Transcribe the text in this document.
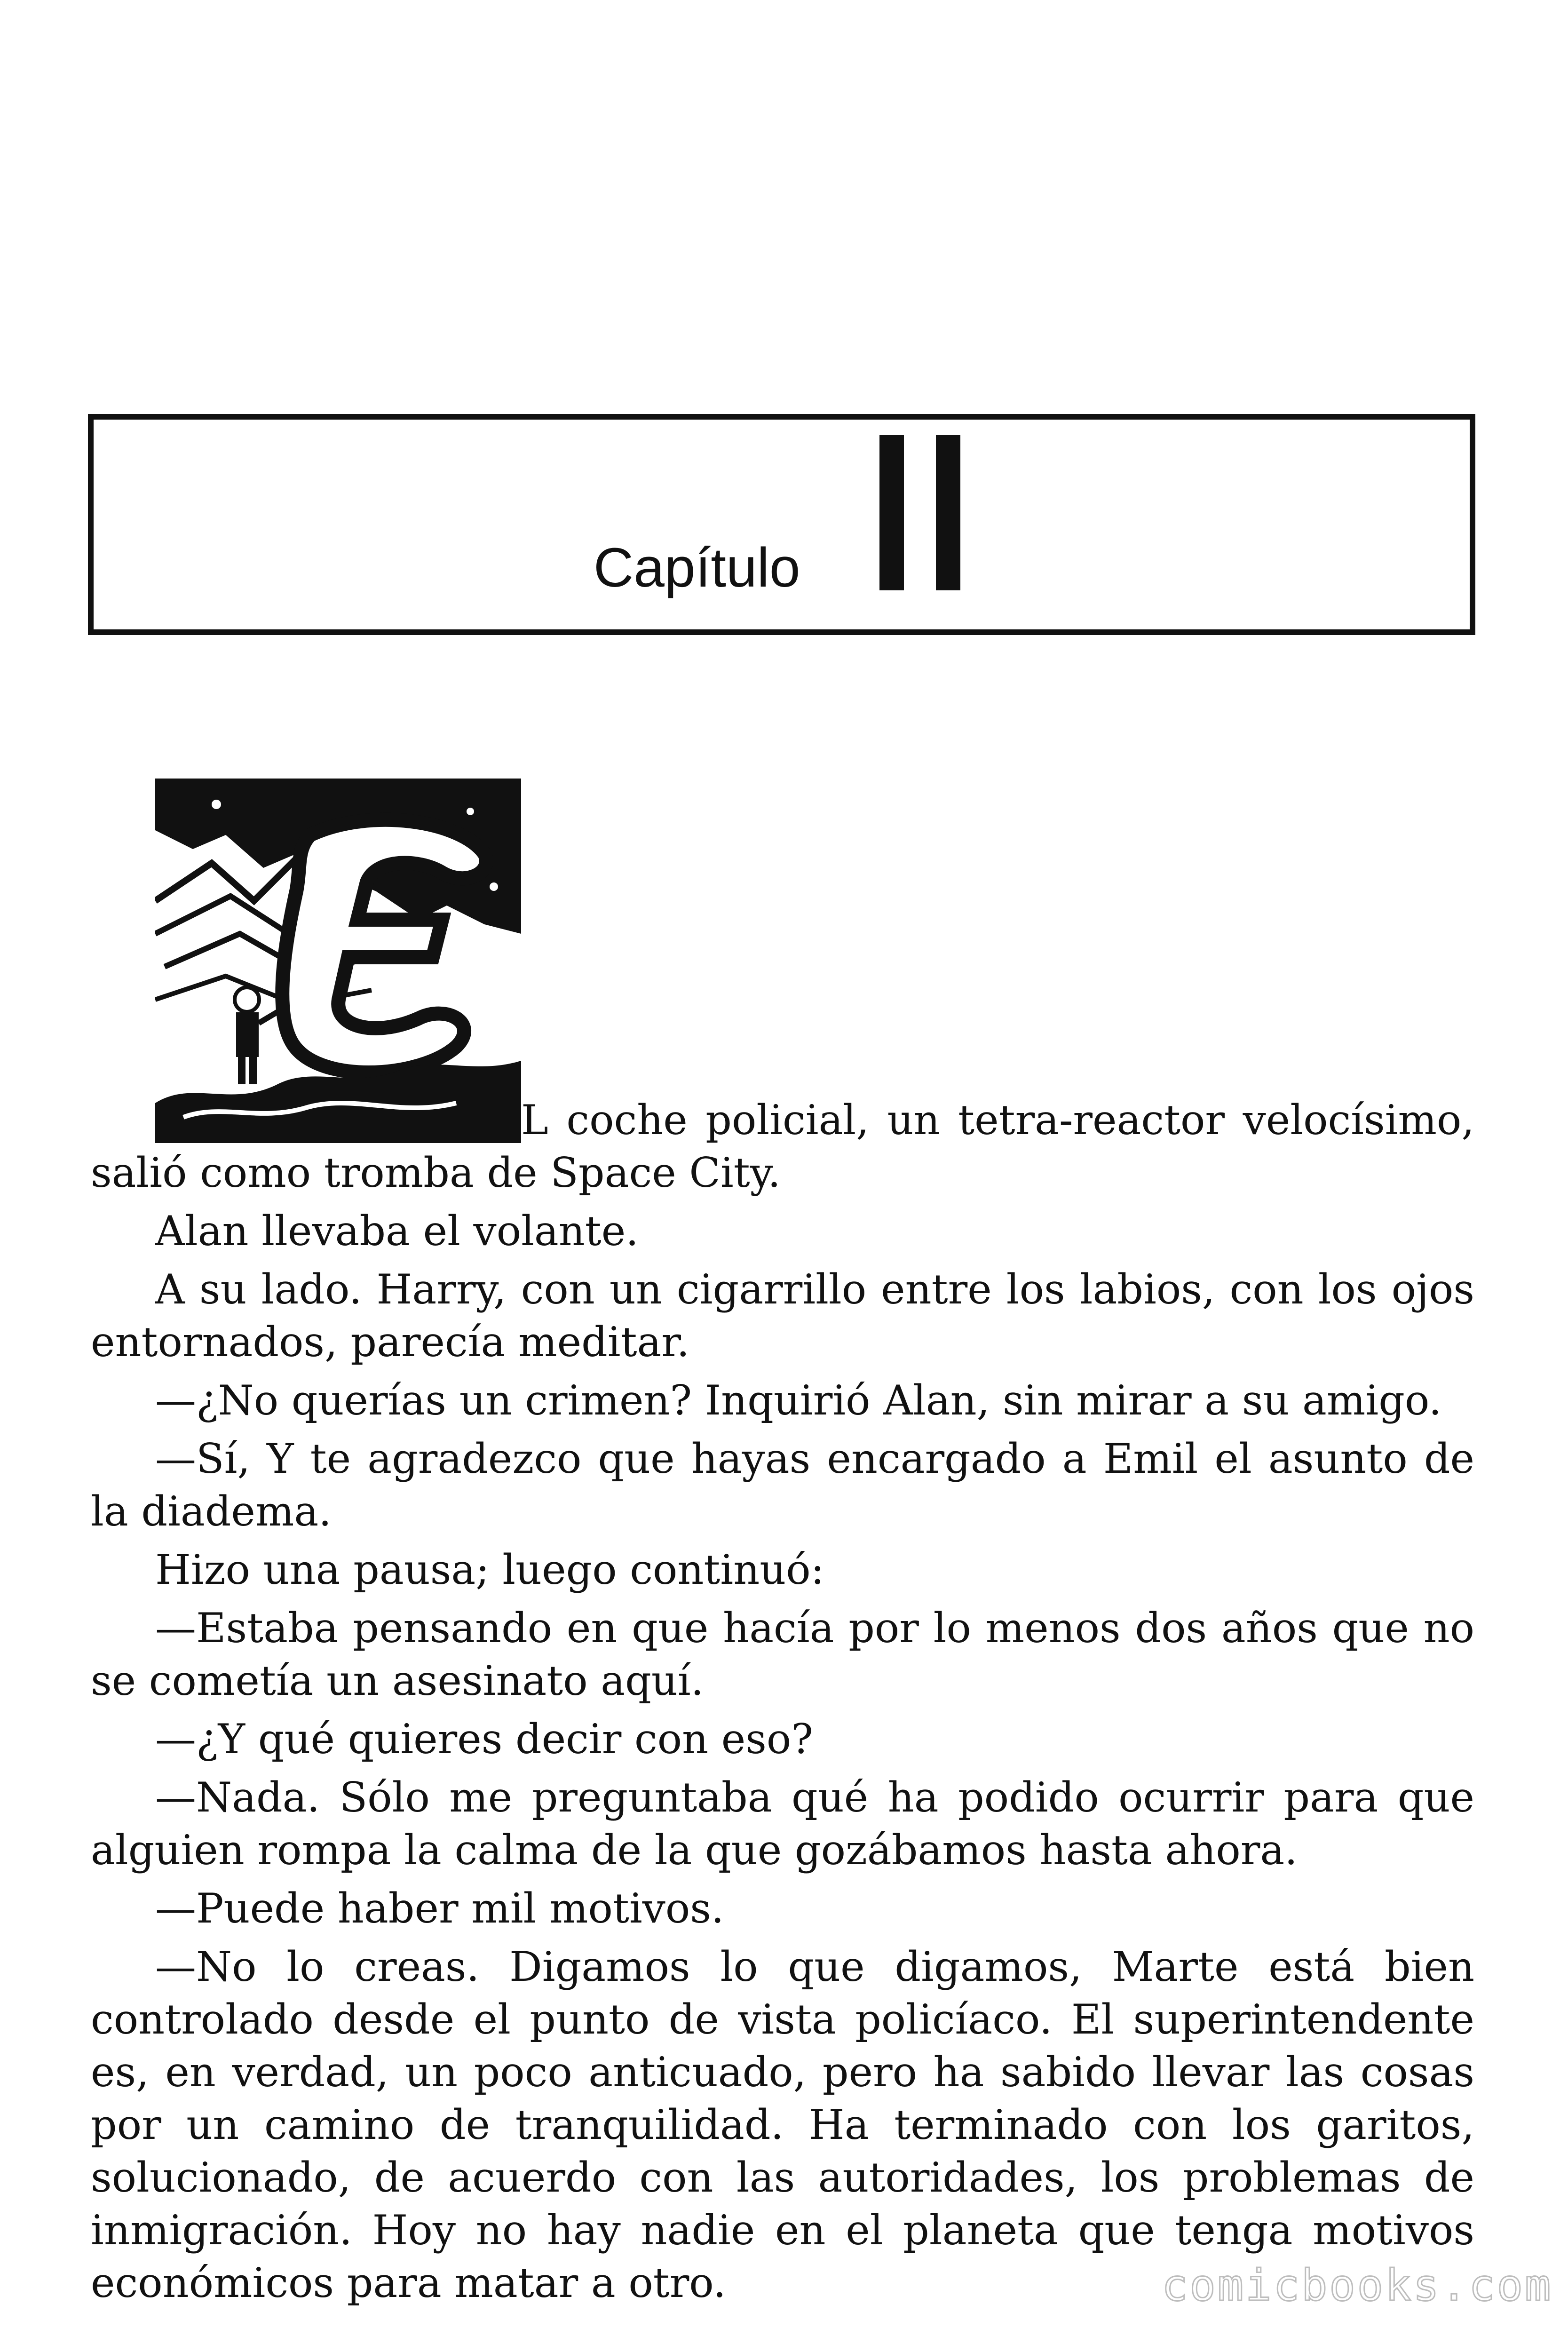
Capítulo

L coche policial, un tetra-reactor velocísimo, salió como tromba de Space City.

Alan llevaba el volante.

A su lado. Harry, con un cigarrillo entre los labios, con los ojos entornados, parecía meditar.

—¿No querías un crimen? Inquirió Alan, sin mirar a su amigo.

—Sí, Y te agradezco que hayas encargado a Emil el asunto de la diadema.

Hizo una pausa; luego continuó:

—Estaba pensando en que hacía por lo menos dos años que no se cometía un asesinato aquí.

—¿Y qué quieres decir con eso?

—Nada. Sólo me preguntaba qué ha podido ocurrir para que alguien rompa la calma de la que gozábamos hasta ahora.

—Puede haber mil motivos.

—No lo creas. Digamos lo que digamos, Marte está bien controlado desde el punto de vista policíaco. El superintendente es, en verdad, un poco anticuado, pero ha sabido llevar las cosas por un camino de tranquilidad. Ha terminado con los garitos, solucionado, de acuerdo con las autoridades, los problemas de inmigración. Hoy no hay nadie en el planeta que tenga motivos económicos para matar a otro.	comicbooks.com
